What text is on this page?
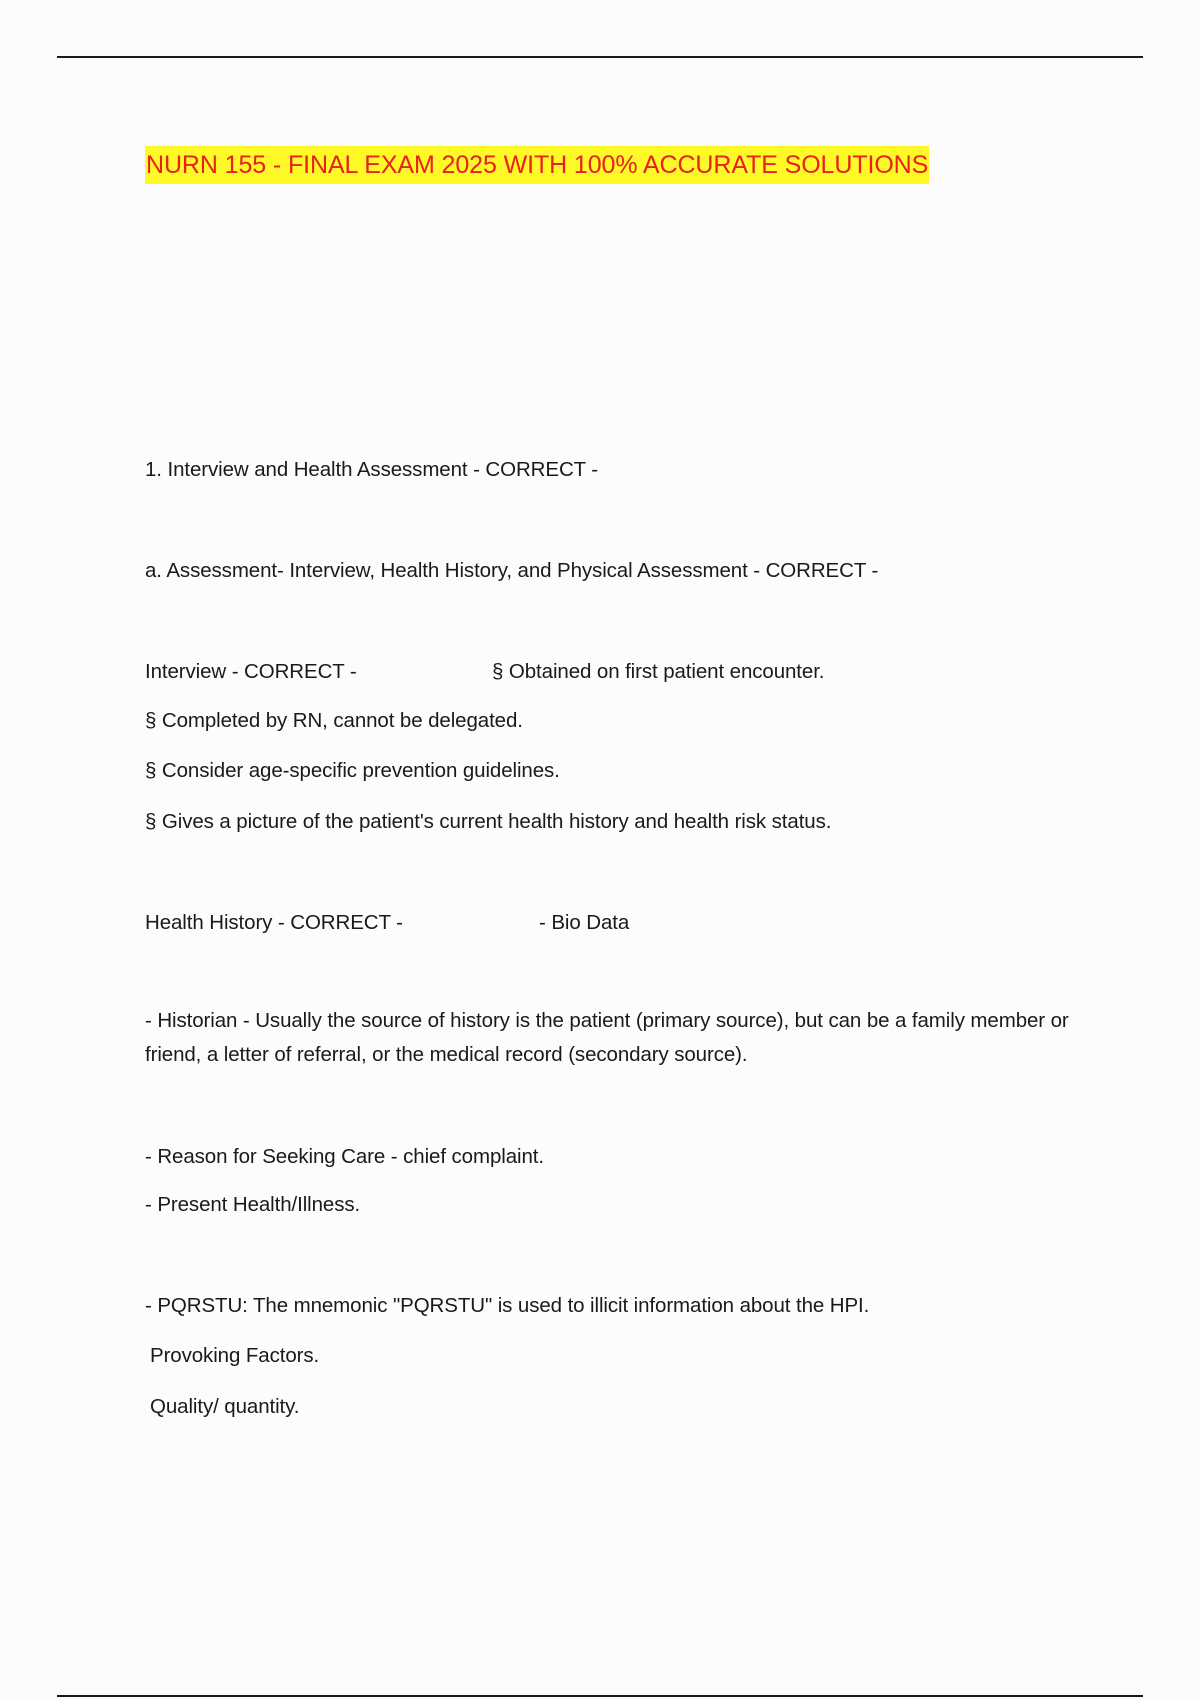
NURN 155 - FINAL EXAM 2025 WITH 100% ACCURATE SOLUTIONS

1. Interview and Health Assessment - CORRECT -

a. Assessment- Interview, Health History, and Physical Assessment - CORRECT -

Interview - CORRECT -	§ Obtained on first patient encounter.

§ Completed by RN, cannot be delegated.

§ Consider age-specific prevention guidelines.

§ Gives a picture of the patient's current health history and health risk status.

Health History - CORRECT -	- Bio Data

- Historian - Usually the source of history is the patient (primary source), but can be a family member or friend, a letter of referral, or the medical record (secondary source).

- Reason for Seeking Care - chief complaint.

- Present Health/Illness.

- PQRSTU: The mnemonic "PQRSTU" is used to illicit information about the HPI.

Provoking Factors.

Quality/ quantity.
